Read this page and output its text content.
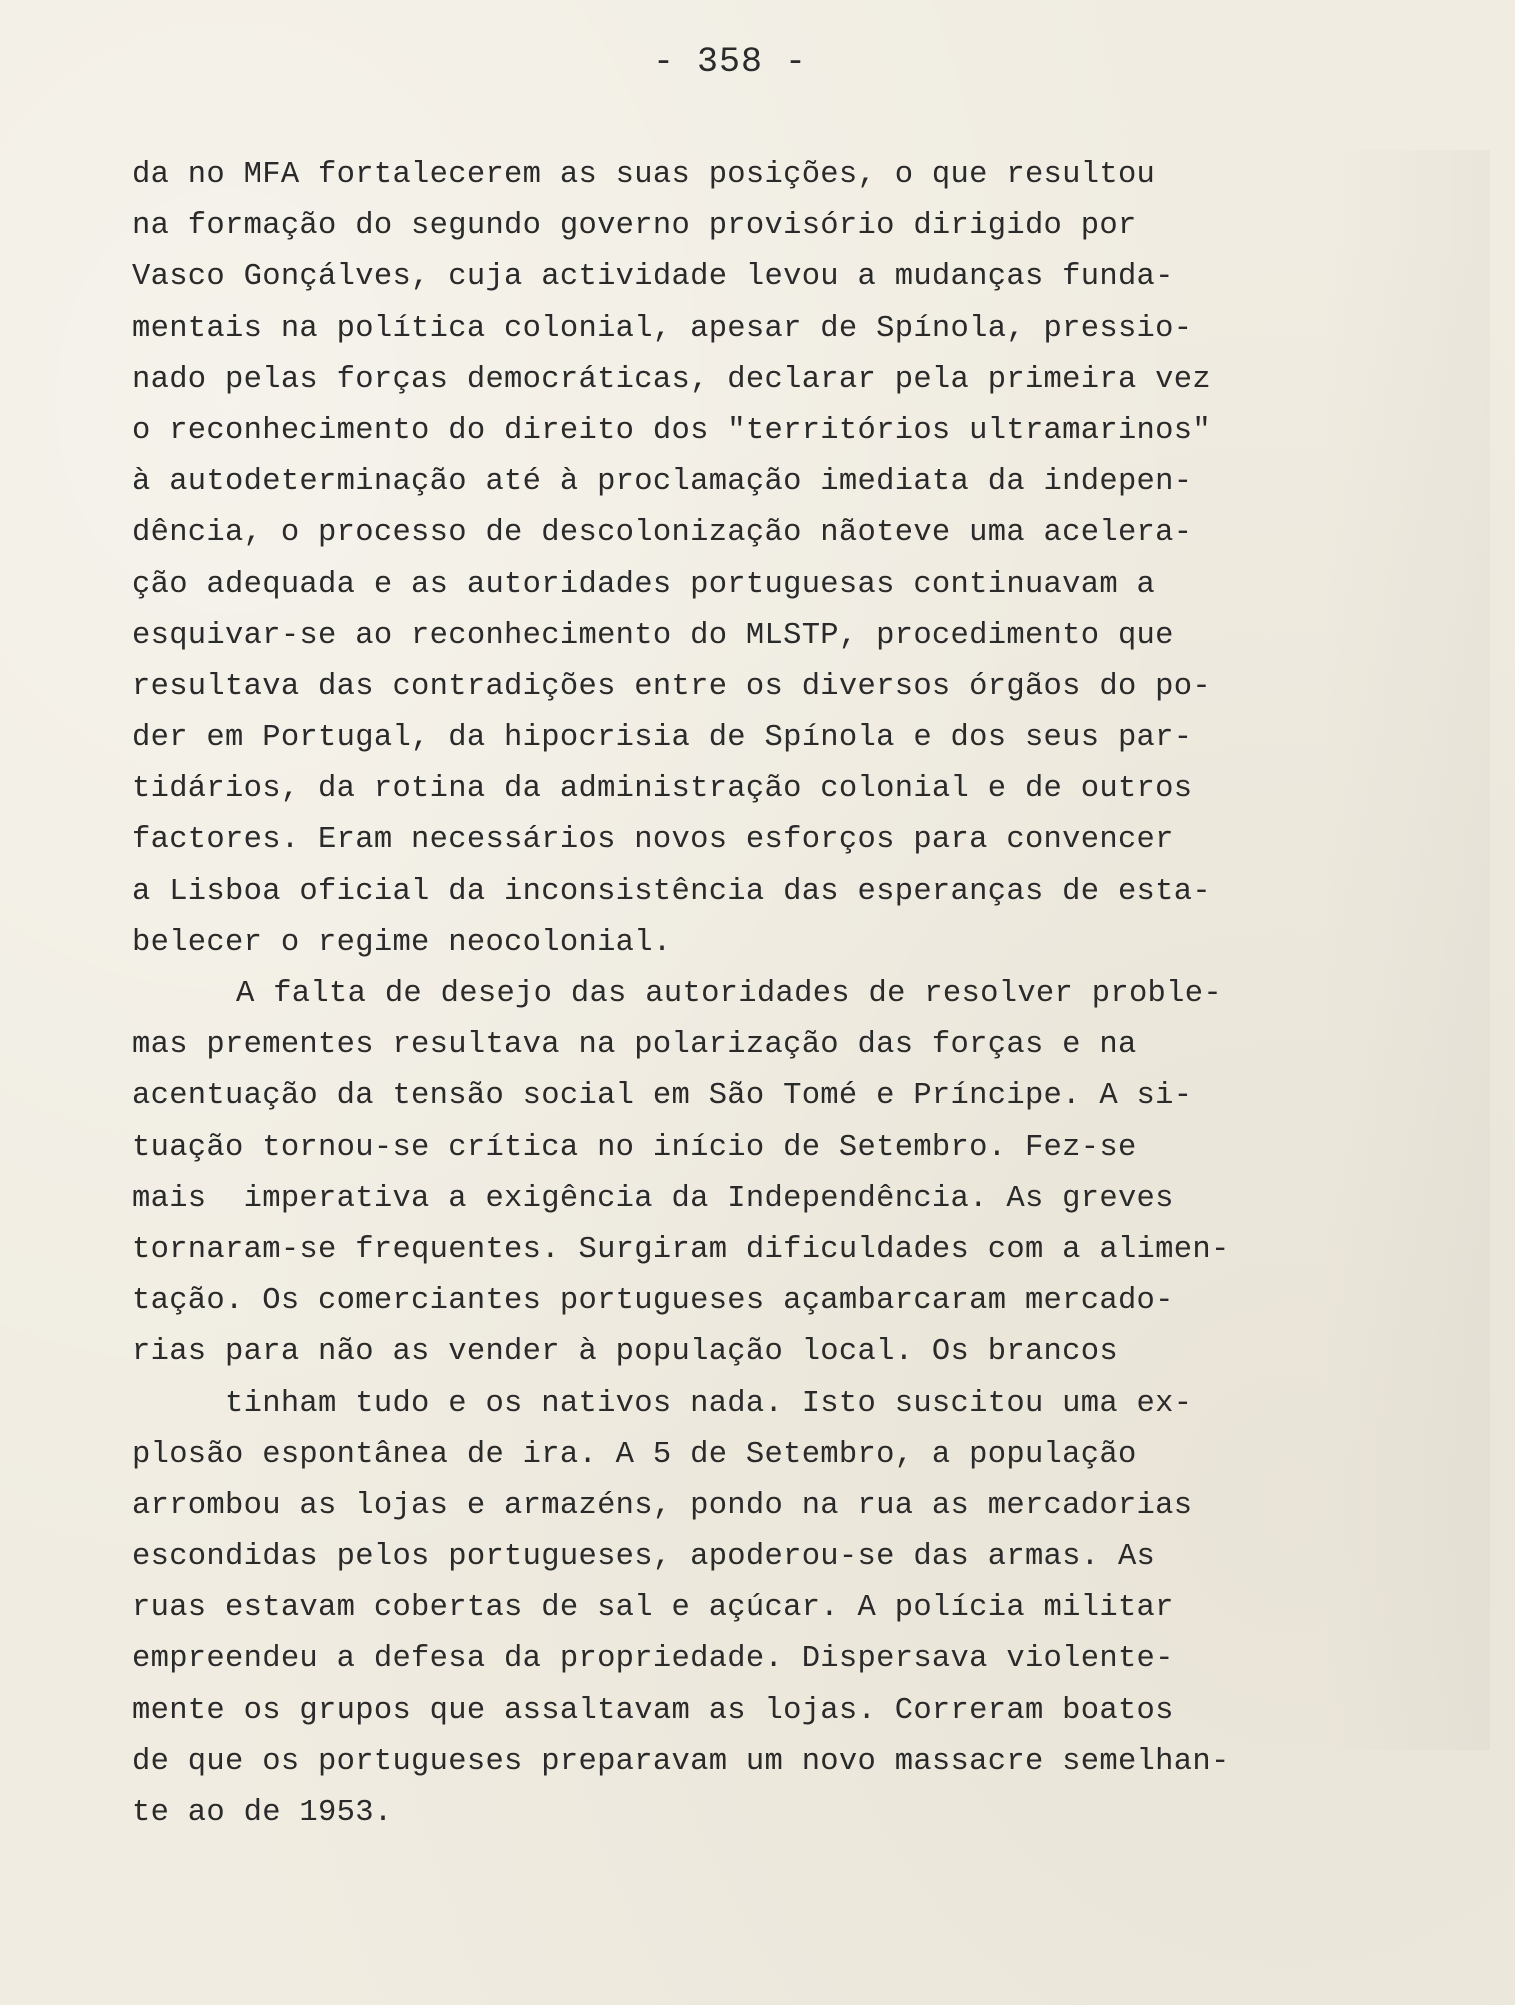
- 358 -
da no MFA fortalecerem as suas posições, o que resultou
na formação do segundo governo provisório dirigido por
Vasco Gonçálves, cuja actividade levou a mudanças funda-
mentais na política colonial, apesar de Spínola, pressio-
nado pelas forças democráticas, declarar pela primeira vez
o reconhecimento do direito dos "territórios ultramarinos"
à autodeterminação até à proclamação imediata da indepen-
dência, o processo de descolonização nãoteve uma acelera-
ção adequada e as autoridades portuguesas continuavam a
esquivar-se ao reconhecimento do MLSTP, procedimento que
resultava das contradições entre os diversos órgãos do po-
der em Portugal, da hipocrisia de Spínola e dos seus par-
tidários, da rotina da administração colonial e de outros
factores. Eram necessários novos esforços para convencer
a Lisboa oficial da inconsistência das esperanças de esta-
belecer o regime neocolonial.
A falta de desejo das autoridades de resolver proble-
mas prementes resultava na polarização das forças e na
acentuação da tensão social em São Tomé e Príncipe. A si-
tuação tornou-se crítica no início de Setembro. Fez-se
mais  imperativa a exigência da Independência. As greves
tornaram-se frequentes. Surgiram dificuldades com a alimen-
tação. Os comerciantes portugueses açambarcaram mercado-
rias para não as vender à população local. Os brancos
tinham tudo e os nativos nada. Isto suscitou uma ex-
plosão espontânea de ira. A 5 de Setembro, a população
arrombou as lojas e armazéns, pondo na rua as mercadorias
escondidas pelos portugueses, apoderou-se das armas. As
ruas estavam cobertas de sal e açúcar. A polícia militar
empreendeu a defesa da propriedade. Dispersava violente-
mente os grupos que assaltavam as lojas. Correram boatos
de que os portugueses preparavam um novo massacre semelhan-
te ao de 1953.
